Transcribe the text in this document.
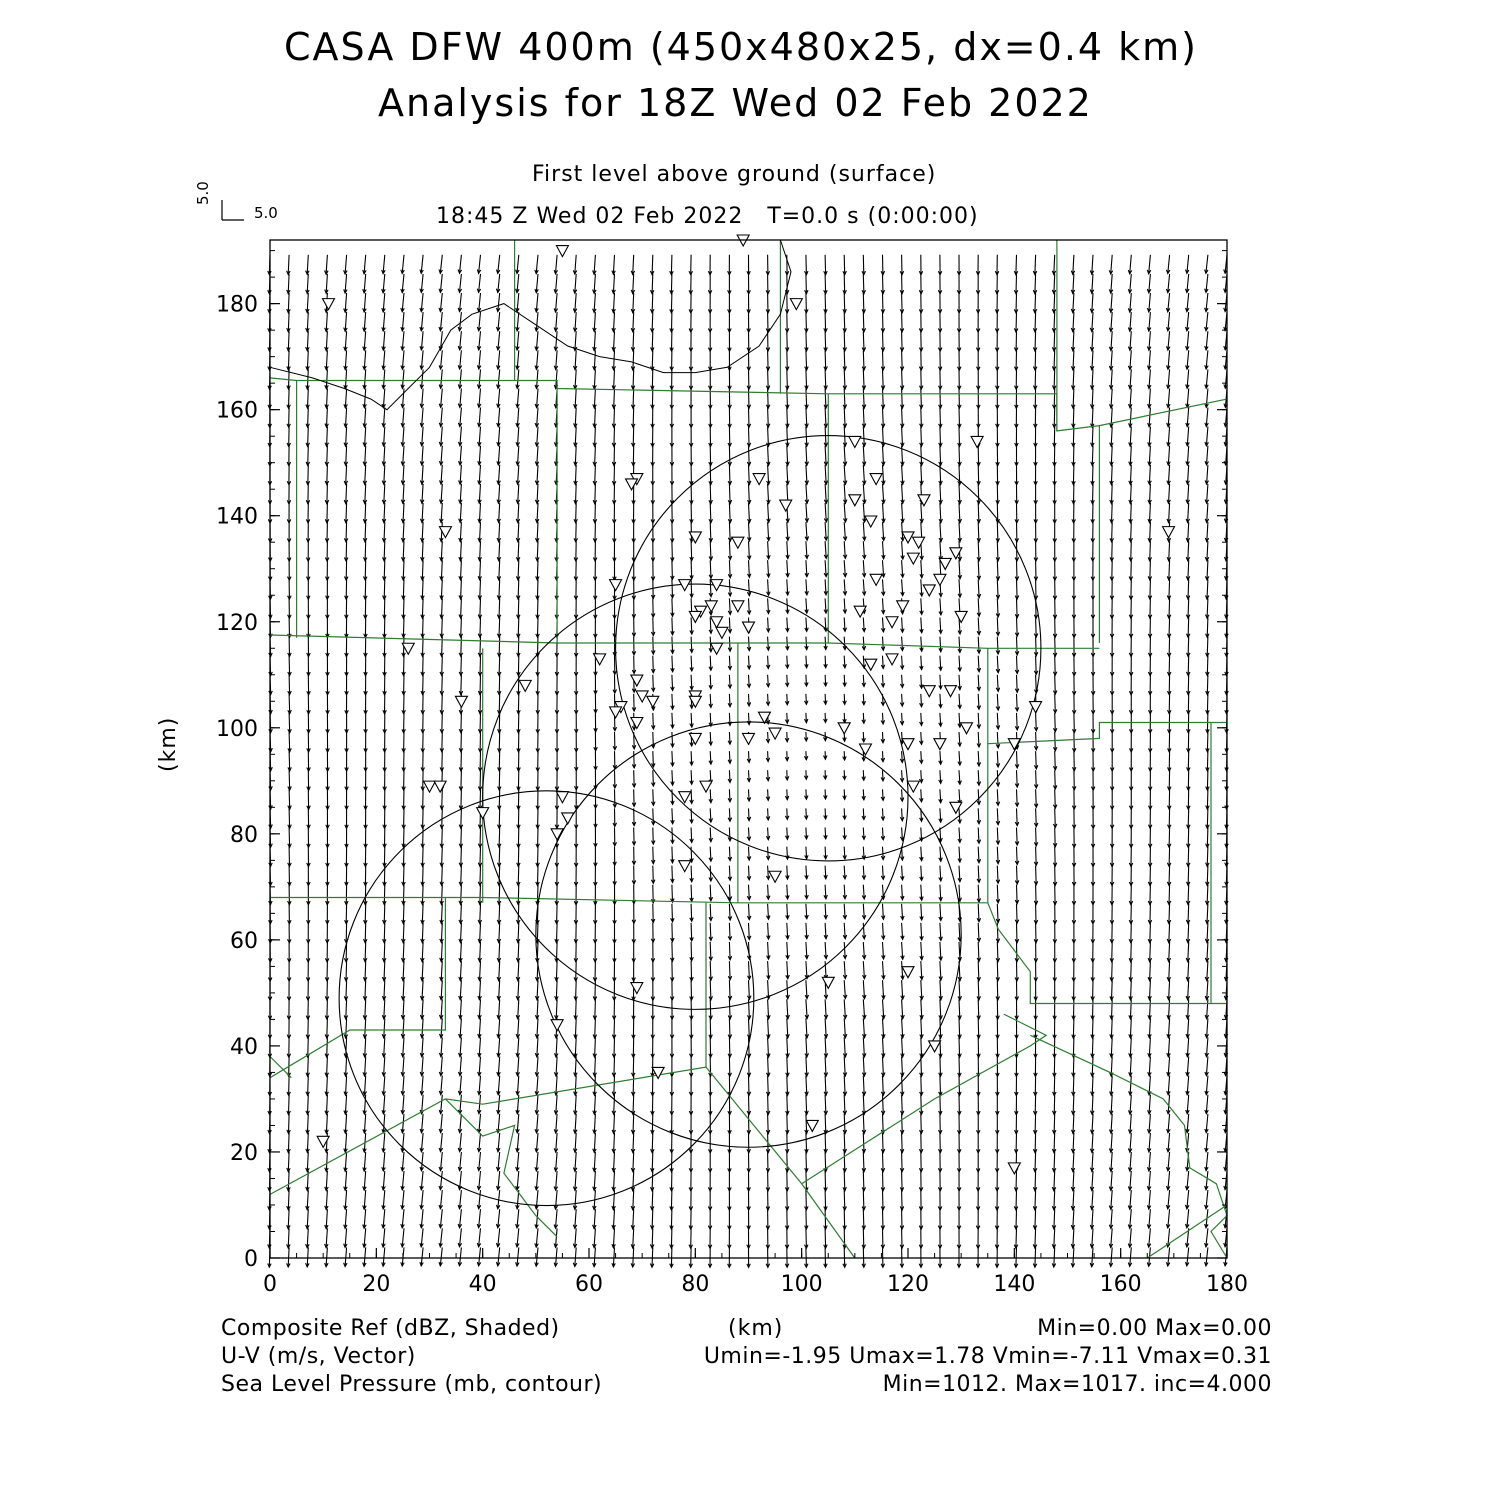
CASA DFW 400m (450x480x25, dx=0.4 km)
Analysis for 18Z Wed 02 Feb 2022
First level above ground (surface)
18:45 Z Wed 02 Feb 2022   T=0.0 s (0:00:00)
5.0
5.0
(km)
(km)
0	20	40	60	80	100	120	140	160	180
0
20
40
60
80
100
120
140
160
180
Composite Ref (dBZ, Shaded)	Min=0.00 Max=0.00
U-V (m/s, Vector)	Umin=-1.95 Umax=1.78 Vmin=-7.11 Vmax=0.31
Sea Level Pressure (mb, contour)	Min=1012. Max=1017. inc=4.000
